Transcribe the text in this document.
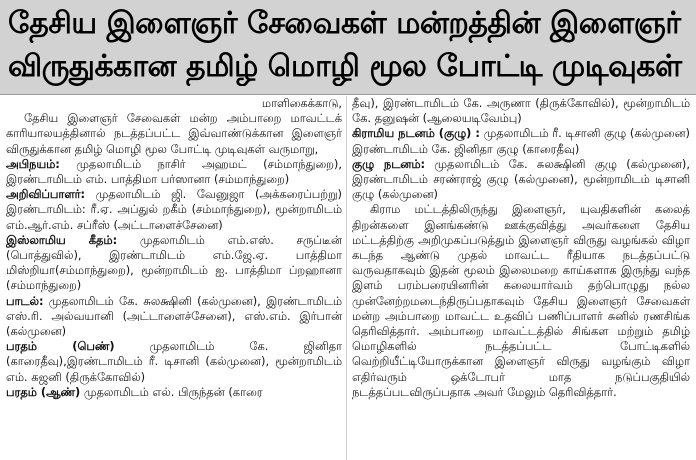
தேசிய இளைஞர் சேவைகள் மன்றத்தின் இளைஞர்
விருதுக்கான தமிழ் மொழி மூல போட்டி முடிவுகள்

மாளிகைக்காடு,

தேசிய இளைஞர் சேவைகள் மன்ற அம்பாறை மாவட்டக் காரியாலயத்தினால் நடத்தப்பட்ட இவ்வாண்டுக்கான இளைஞர் விருதுக்கான தமிழ் மொழி மூல போட்டி முடிவுகள் வருமாறு,

அபிநயம்: முதலாமிடம் நாசிர் அஹமட் (சம்மாந்துறை), இரண்டாமிடம் எம். பாத்திமா பர்ஸானா (சம்மாந்துறை)

அறிவிப்பாளர்: முதலாமிடம் ஜி. வேனுஜா (அக்கரைப்பற்று) இரண்டாமிடம்: ரீ.ஏ. அப்துல் றகீம் (சம்மாந்துறை), மூன்றாமிடம் எம்.ஆர்.எம். சப்ரீஸ் (அட்டாளைச்சேனை)

இஸ்லாமிய கீதம்: முதலாமிடம் எம்.எஸ். சருப்டீன் (பொத்துவில்), இரண்டாமிடம் எம்.ஜே.ஏ. பாத்திமா மிஸ்றியா(சம்மாந்துறை), மூன்றாமிடம் ஐ. பாத்திமா ப்றஹானா (சம்மாந்துறை)

பாடல்: முதலாமிடம் கே. சுலக்ஷினி (கல்முனை), இரண்டாமிடம் எஸ்.ரி. அல்வயானி (அட்டாளைச்சேனை), எஸ்.எம். இர்பான் (கல்முனை)

பரதம் (பெண்) முதலாமிடம் கே. ஜினிதா (காரைதீவு),இரண்டாமிடம் ரீ. டிசானி (கல்முனை), மூன்றாமிடம் எம். கஜனி (திருக்கோவில்)

பரதம் (ஆண்) முதலாமிடம் எல். பிருந்தன் (காரை

தீவு), இரண்டாமிடம் கே. அருணா (திருக்கோவில்), மூன்றாமிடம் கே. தனுஷன் (ஆலையடிவேம்பு)

கிராமிய நடனம் (குழு) : முதலாமிடம் ரீ. டிசானி குழு (கல்முனை) இரண்டாமிடம் கே. ஜினிதா குழு (காரைதீவு)

குழு நடனம்: முதலாமிடம் கே. சுலக்ஷினி குழு (கல்முனை), இரண்டாமிடம் சரண்ராஜ் குழு (கல்முனை), மூன்றாமிடம் டிசானி குழு (கல்முனை)

கிராம மட்டத்திலிருந்து இளைஞர், யுவதிகளின் கலைத் திறன்களை இனங்கண்டு ஊக்குவித்து அவர்களை தேசிய மட்டத்திற்கு அறிமுகப்படுத்தும் இளைஞர் விருது வழங்கல் விழா கடந்த ஆண்டு முதல் மாவட்ட ரீதியாக நடத்தப்பட்டு வருவதாகவும் இதன் மூலம் இலைமறை காய்களாக இருந்து வந்த இளம் பரம்பரையினரின் கலையார்வம் தற்பொழுது நல்ல முன்னேற்றமடைந்திருப்பதாகவும் தேசிய இளைஞர் சேவைகள் மன்ற அம்பாறை மாவட்ட உதவிப் பணிப்பாளர் சுனில் ரணசிங்க தெரிவித்தார். அம்பாறை மாவட்டத்தில் சிங்கள மற்றும் தமிழ் மொழிகளில் நடத்தப்பட்ட போட்டிகளில் வெற்றியீட்டியோருக்கான இளைஞர் விருது வழங்கும் விழா எதிர்வரும் ஒக்டோபர் மாத நடுப்பகுதியில் நடத்தப்படவிருப்பதாக அவர் மேலும் தெரிவித்தார்.
